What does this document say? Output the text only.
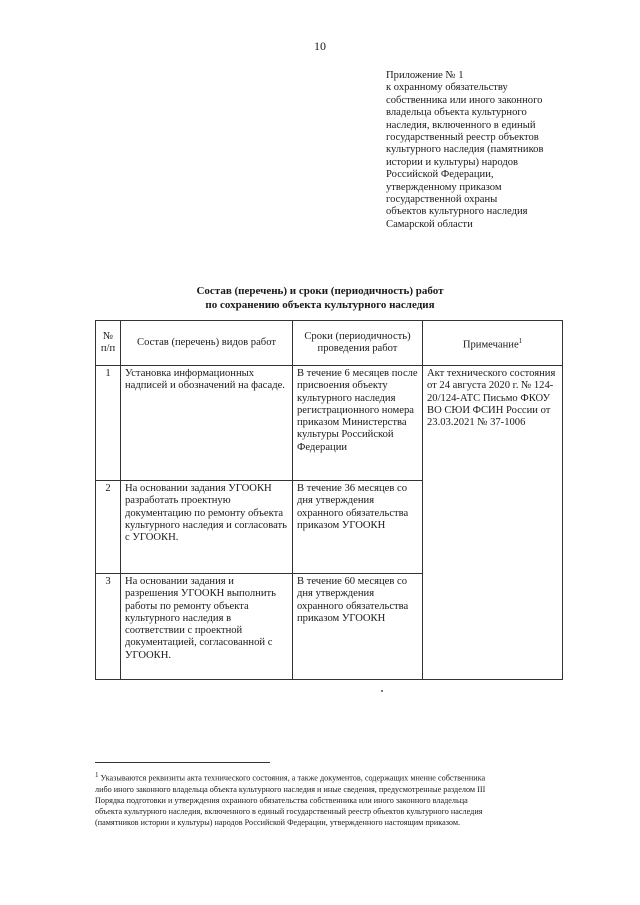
10
Приложение № 1
к охранному обязательству
собственника или иного законного
владельца объекта культурного
наследия, включенного в единый
государственный реестр объектов
культурного наследия (памятников
истории и культуры) народов
Российской Федерации,
утвержденному приказом
государственной охраны
объектов культурного наследия
Самарской области
Состав (перечень) и сроки (периодичность) работ
по сохранению объекта культурного наследия
№ п/п	Состав (перечень) видов работ	Сроки (периодичность) проведения работ	Примечание$^1$
1	Установка информационных надписей и обозначений на фасаде.	В течение 6 месяцев после присвоения объекту культурного наследия регистрационного номера приказом Министерства культуры Российской Федерации	Акт технического состояния от 24 августа 2020 г. № 124-20/124-АТС Письмо ФКОУ ВО СЮИ ФСИН России от 23.03.2021 № 37-1006
2	На основании задания УГООКН разработать проектную документацию по ремонту объекта культурного наследия и согласовать с УГООКН.	В течение 36 месяцев со дня утверждения охранного обязательства приказом УГООКН	
3	На основании задания и разрешения УГООКН выполнить работы по ремонту объекта культурного наследия в соответствии с проектной документацией, согласованной с УГООКН.	В течение 60 месяцев со дня утверждения охранного обязательства приказом УГООКН	
1 Указываются реквизиты акта технического состояния, а также документов, содержащих мнение собственника
либо иного законного владельца объекта культурного наследия и иные сведения, предусмотренные разделом III
Порядка подготовки и утверждения охранного обязательства собственника или иного законного владельца
объекта культурного наследия, включенного в единый государственный реестр объектов культурного наследия
(памятников истории и культуры) народов Российской Федерации, утвержденного настоящим приказом.
